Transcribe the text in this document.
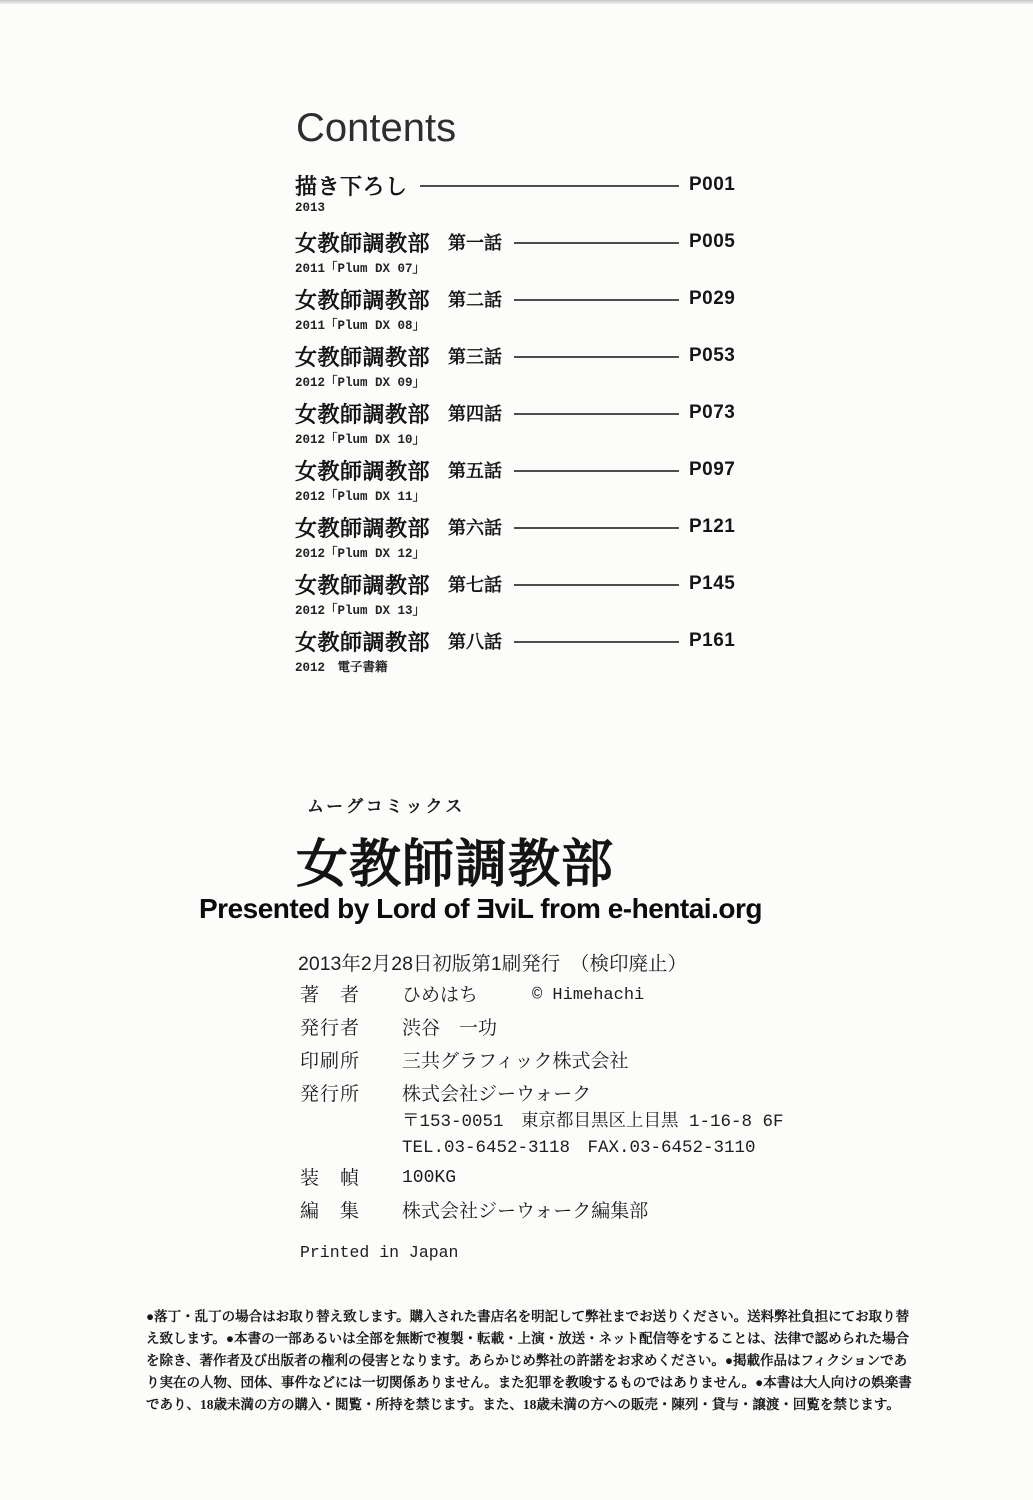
Contents
描き下ろし	P001
2013
女教師調教部 第一話	P005
2011「Plum DX 07」
女教師調教部 第二話	P029
2011「Plum DX 08」
女教師調教部 第三話	P053
2012「Plum DX 09」
女教師調教部 第四話	P073
2012「Plum DX 10」
女教師調教部 第五話	P097
2012「Plum DX 11」
女教師調教部 第六話	P121
2012「Plum DX 12」
女教師調教部 第七話	P145
2012「Plum DX 13」
女教師調教部 第八話	P161
2012　電子書籍
ムーグコミックス
女教師調教部
Presented by Lord of ƎviL from e-hentai.org
2013年2月28日初版第1刷発行　（検印廃止）
著　者	ひめはち	© Himehachi
発行者	渋谷　一功
印刷所	三共グラフィック株式会社
発行所	株式会社ジーウォーク
〒153-0051　東京都目黒区上目黒 1-16-8 6F
TEL.03-6452-3118　FAX.03-6452-3110
装　幀	100KG
編　集	株式会社ジーウォーク編集部
Printed in Japan
●落丁・乱丁の場合はお取り替え致します。購入された書店名を明記して弊社までお送りください。送料弊社負担にてお取り替
え致します。●本書の一部あるいは全部を無断で複製・転載・上演・放送・ネット配信等をすることは、法律で認められた場合
を除き、著作者及び出版者の権利の侵害となります。あらかじめ弊社の許諾をお求めください。●掲載作品はフィクションであ
り実在の人物、団体、事件などには一切関係ありません。また犯罪を教唆するものではありません。●本書は大人向けの娯楽書
であり、18歳未満の方の購入・閲覧・所持を禁じます。また、18歳未満の方への販売・陳列・貸与・譲渡・回覧を禁じます。
